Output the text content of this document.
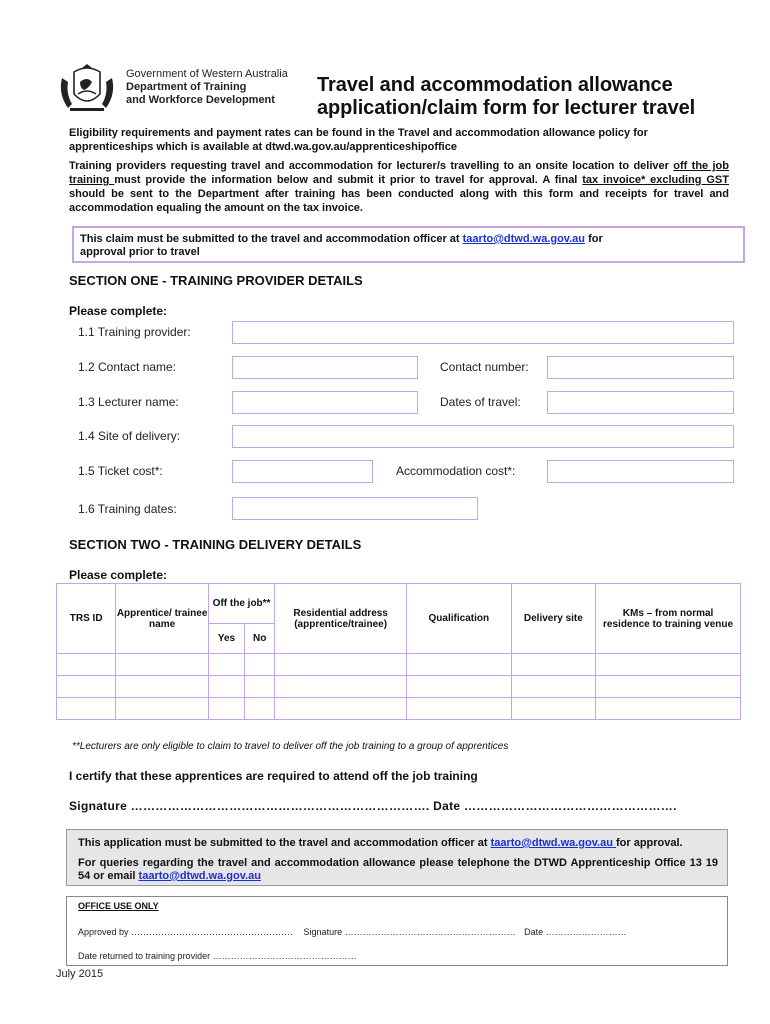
Government of Western Australia
Department of Training
and Workforce Development
Travel and accommodation allowance
application/claim form for lecturer travel
Eligibility requirements and payment rates can be found in the Travel and accommodation allowance policy for
apprenticeships which is available at dtwd.wa.gov.au/apprenticeshipoffice
Training providers requesting travel and accommodation for lecturer/s travelling to an onsite location to deliver off the job training must provide the information below and submit it prior to travel for approval. A final tax invoice* excluding GST should be sent to the Department after training has been conducted along with this form and receipts for travel and accommodation equaling the amount on the tax invoice.
This claim must be submitted to the travel and accommodation officer at taarto@dtwd.wa.gov.au for
approval prior to travel
SECTION ONE - TRAINING PROVIDER DETAILS
Please complete:
1.1 Training provider:
1.2 Contact name:	Contact number:
1.3 Lecturer name:	Dates of travel:
1.4 Site of delivery:
1.5 Ticket cost*:	Accommodation cost*:
1.6 Training dates:
SECTION TWO - TRAINING DELIVERY DETAILS
Please complete:
TRS ID	Apprentice/ trainee name	Off the job**		Residential address (apprentice/trainee)	Qualification	Delivery site	KMs – from normal residence to training venue
		Yes	No				

**Lecturers are only eligible to claim to travel to deliver off the job training to a group of apprentices
I certify that these apprentices are required to attend off the job training
Signature ………………………………………………………………. Date …………………………………………….
This application must be submitted to the travel and accommodation officer at taarto@dtwd.wa.gov.au for approval.
For queries regarding the travel and accommodation allowance please telephone the DTWD Apprenticeship Office 13 19 54 or email taarto@dtwd.wa.gov.au
OFFICE USE ONLY
Approved by ……………………………………………… Signature ………………………………………………… Date ………………………
Date returned to training provider …………………………………………
July 2015
